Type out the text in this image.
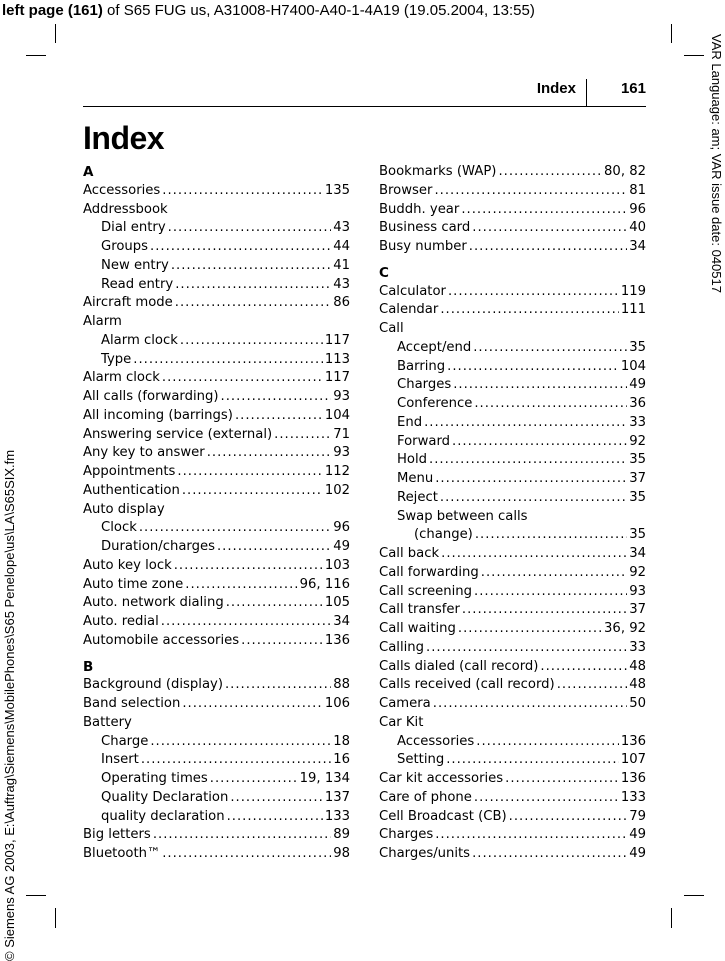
left page (161) of S65 FUG us, A31008-H7400-A40-1-4A19 (19.05.2004, 13:55)
VAR Language: am; VAR issue date: 040517
© Siemens AG 2003, E:\Auftrag\Siemens\MobilePhones\S65 Penelope\us\LA\S65SIX.fm
Index	161
Index
A
Accessories .....	135
Addressbook
Dial entry .....	43
Groups .....	44
New entry .....	41
Read entry .....	43
Aircraft mode .....	86
Alarm
Alarm clock .....	117
Type .....	113
Alarm clock .....	117
All calls (forwarding) .....	93
All incoming (barrings) .....	104
Answering service (external) .....	71
Any key to answer .....	93
Appointments .....	112
Authentication .....	102
Auto display
Clock .....	96
Duration/charges .....	49
Auto key lock .....	103
Auto time zone .....	96, 116
Auto. network dialing .....	105
Auto. redial .....	34
Automobile accessories .....	136
B
Background (display) .....	88
Band selection .....	106
Battery
Charge .....	18
Insert .....	16
Operating times .....	19, 134
Quality Declaration .....	137
quality declaration .....	133
Big letters .....	89
Bluetooth™ .....	98
Bookmarks (WAP) .....	80, 82
Browser .....	81
Buddh. year .....	96
Business card .....	40
Busy number .....	34
C
Calculator .....	119
Calendar .....	111
Call
Accept/end .....	35
Barring .....	104
Charges .....	49
Conference .....	36
End .....	33
Forward .....	92
Hold .....	35
Menu .....	37
Reject .....	35
Swap between calls
(change) .....	35
Call back .....	34
Call forwarding .....	92
Call screening .....	93
Call transfer .....	37
Call waiting .....	36, 92
Calling .....	33
Calls dialed (call record) .....	48
Calls received (call record) .....	48
Camera .....	50
Car Kit
Accessories .....	136
Setting .....	107
Car kit accessories .....	136
Care of phone .....	133
Cell Broadcast (CB) .....	79
Charges .....	49
Charges/units .....	49
